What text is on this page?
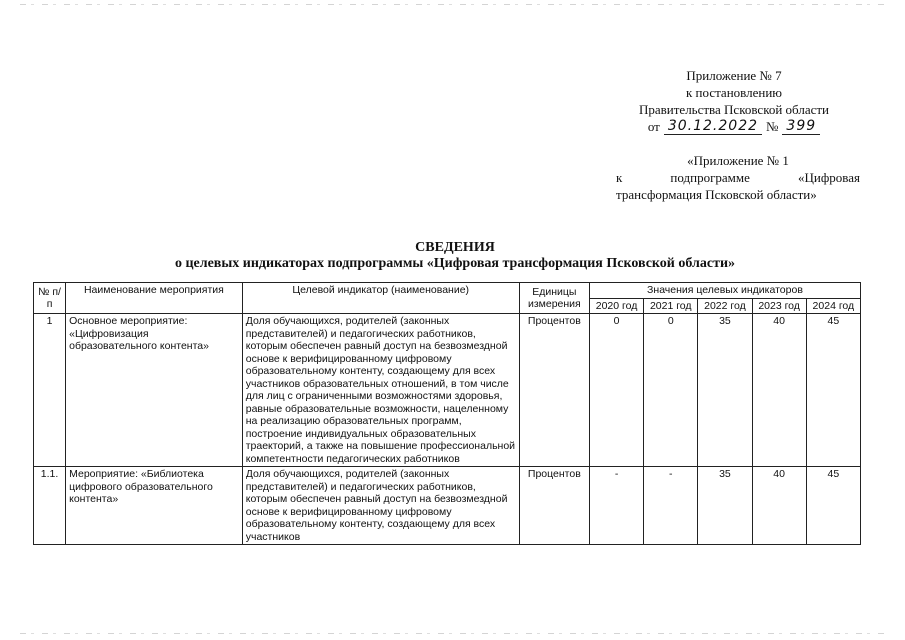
Приложение № 7
к постановлению
Правительства Псковской области
от 30.12.2022 № 399
«Приложение № 1
к	подпрограмме	«Цифровая
трансформация Псковской области»
СВЕДЕНИЯ
о целевых индикаторах подпрограммы «Цифровая трансформация Псковской области»
№ п/п	Наименование мероприятия	Целевой индикатор (наименование)	Единицы измерения	Значения целевых индикаторов				
				2020 год	2021 год	2022 год	2023 год	2024 год
1	Основное мероприятие: «Цифровизация образовательного контента»	Доля обучающихся, родителей (законных представителей) и педагогических работников, которым обеспечен равный доступ на безвозмездной основе к верифицированному цифровому образовательному контенту, создающему для всех участников образовательных отношений, в том числе для лиц с ограниченными возможностями здоровья, равные образовательные возможности, нацеленному на реализацию образовательных программ, построение индивидуальных образовательных траекторий, а также на повышение профессиональной компетентности педагогических работников	Процентов	0	0	35	40	45
1.1.	Мероприятие: «Библиотека цифрового образовательного контента»	Доля обучающихся, родителей (законных представителей) и педагогических работников, которым обеспечен равный доступ на безвозмездной основе к верифицированному цифровому образовательному контенту, создающему для всех участников	Процентов	-	-	35	40	45
